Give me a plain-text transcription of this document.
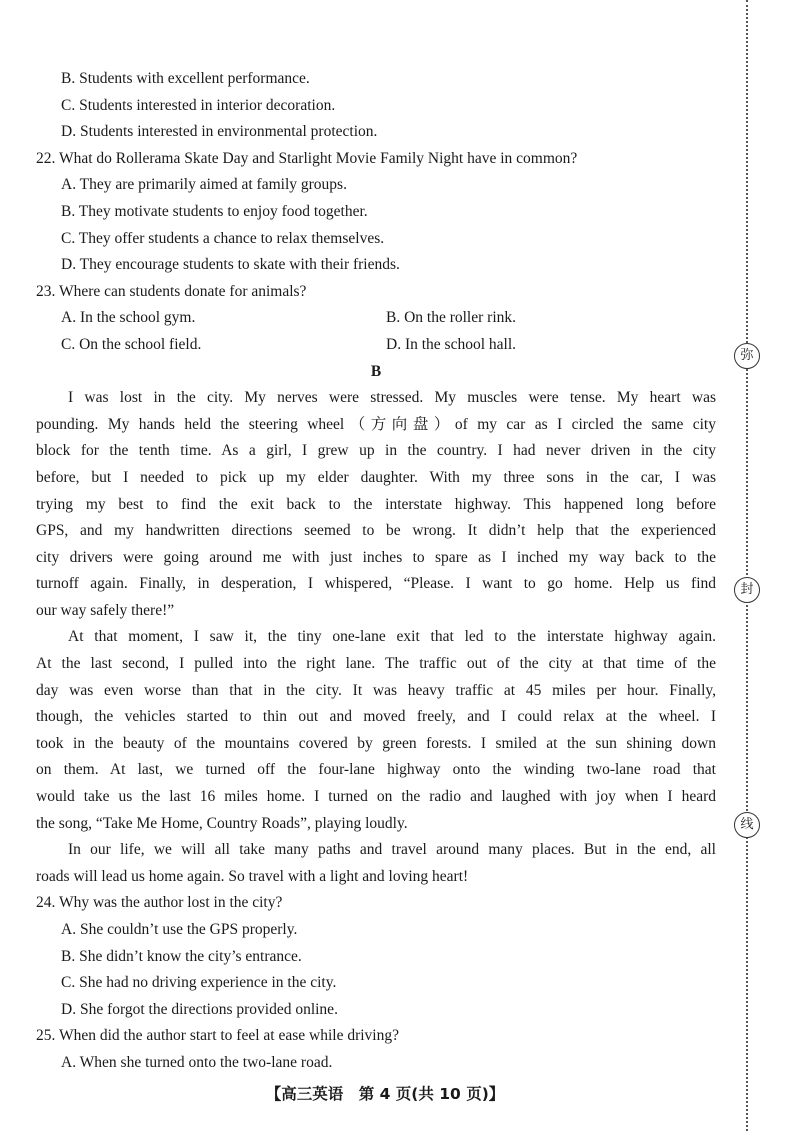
弥
封
线
B. Students with excellent performance.
C. Students interested in interior decoration.
D. Students interested in environmental protection.
22. What do Rollerama Skate Day and Starlight Movie Family Night have in common?
A. They are primarily aimed at family groups.
B. They motivate students to enjoy food together.
C. They offer students a chance to relax themselves.
D. They encourage students to skate with their friends.
23. Where can students donate for animals?
A. In the school gym.	B. On the roller rink.
C. On the school field.	D. In the school hall.
B
I was lost in the city. My nerves were stressed. My muscles were tense. My heart was
pounding. My hands held the steering wheel（方向盘）of my car as I circled the same city
block for the tenth time. As a girl, I grew up in the country. I had never driven in the city
before, but I needed to pick up my elder daughter. With my three sons in the car, I was
trying my best to find the exit back to the interstate highway. This happened long before
GPS, and my handwritten directions seemed to be wrong. It didn’t help that the experienced
city drivers were going around me with just inches to spare as I inched my way back to the
turnoff again. Finally, in desperation, I whispered, “Please. I want to go home. Help us find
our way safely there!”
At that moment, I saw it, the tiny one-lane exit that led to the interstate highway again.
At the last second, I pulled into the right lane. The traffic out of the city at that time of the
day was even worse than that in the city. It was heavy traffic at 45 miles per hour. Finally,
though, the vehicles started to thin out and moved freely, and I could relax at the wheel. I
took in the beauty of the mountains covered by green forests. I smiled at the sun shining down
on them. At last, we turned off the four-lane highway onto the winding two-lane road that
would take us the last 16 miles home. I turned on the radio and laughed with joy when I heard
the song, “Take Me Home, Country Roads”, playing loudly.
In our life, we will all take many paths and travel around many places. But in the end, all
roads will lead us home again. So travel with a light and loving heart!
24. Why was the author lost in the city?
A. She couldn’t use the GPS properly.
B. She didn’t know the city’s entrance.
C. She had no driving experience in the city.
D. She forgot the directions provided online.
25. When did the author start to feel at ease while driving?
A. When she turned onto the two-lane road.
【高三英语　第 4 页(共 10 页)】
